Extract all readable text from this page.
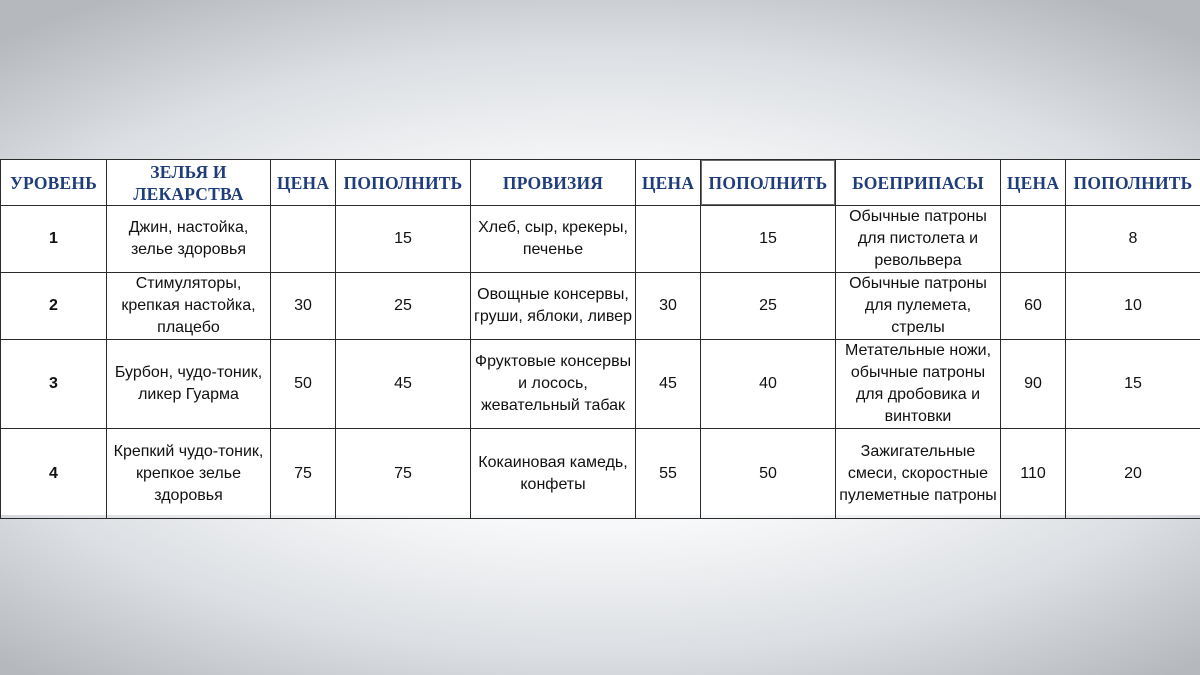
УРОВЕНЬ	ЗЕЛЬЯ И ЛЕКАРСТВА	ЦЕНА	ПОПОЛНИТЬ	ПРОВИЗИЯ	ЦЕНА	ПОПОЛНИТЬ	БОЕПРИПАСЫ	ЦЕНА	ПОПОЛНИТЬ
1	Джин, настойка, зелье здоровья		15	Хлеб, сыр, крекеры, печенье		15	Обычные патроны для пистолета и револьвера		8
2	Стимуляторы, крепкая настойка, плацебо	30	25	Овощные консервы, груши, яблоки, ливер	30	25	Обычные патроны для пулемета, стрелы	60	10
3	Бурбон, чудо-тоник, ликер Гуарма	50	45	Фруктовые консервы и лосось, жевательный табак	45	40	Метательные ножи, обычные патроны для дробовика и винтовки	90	15
4	Крепкий чудо-тоник, крепкое зелье здоровья	75	75	Кокаиновая камедь, конфеты	55	50	Зажигательные смеси, скоростные пулеметные патроны	110	20
